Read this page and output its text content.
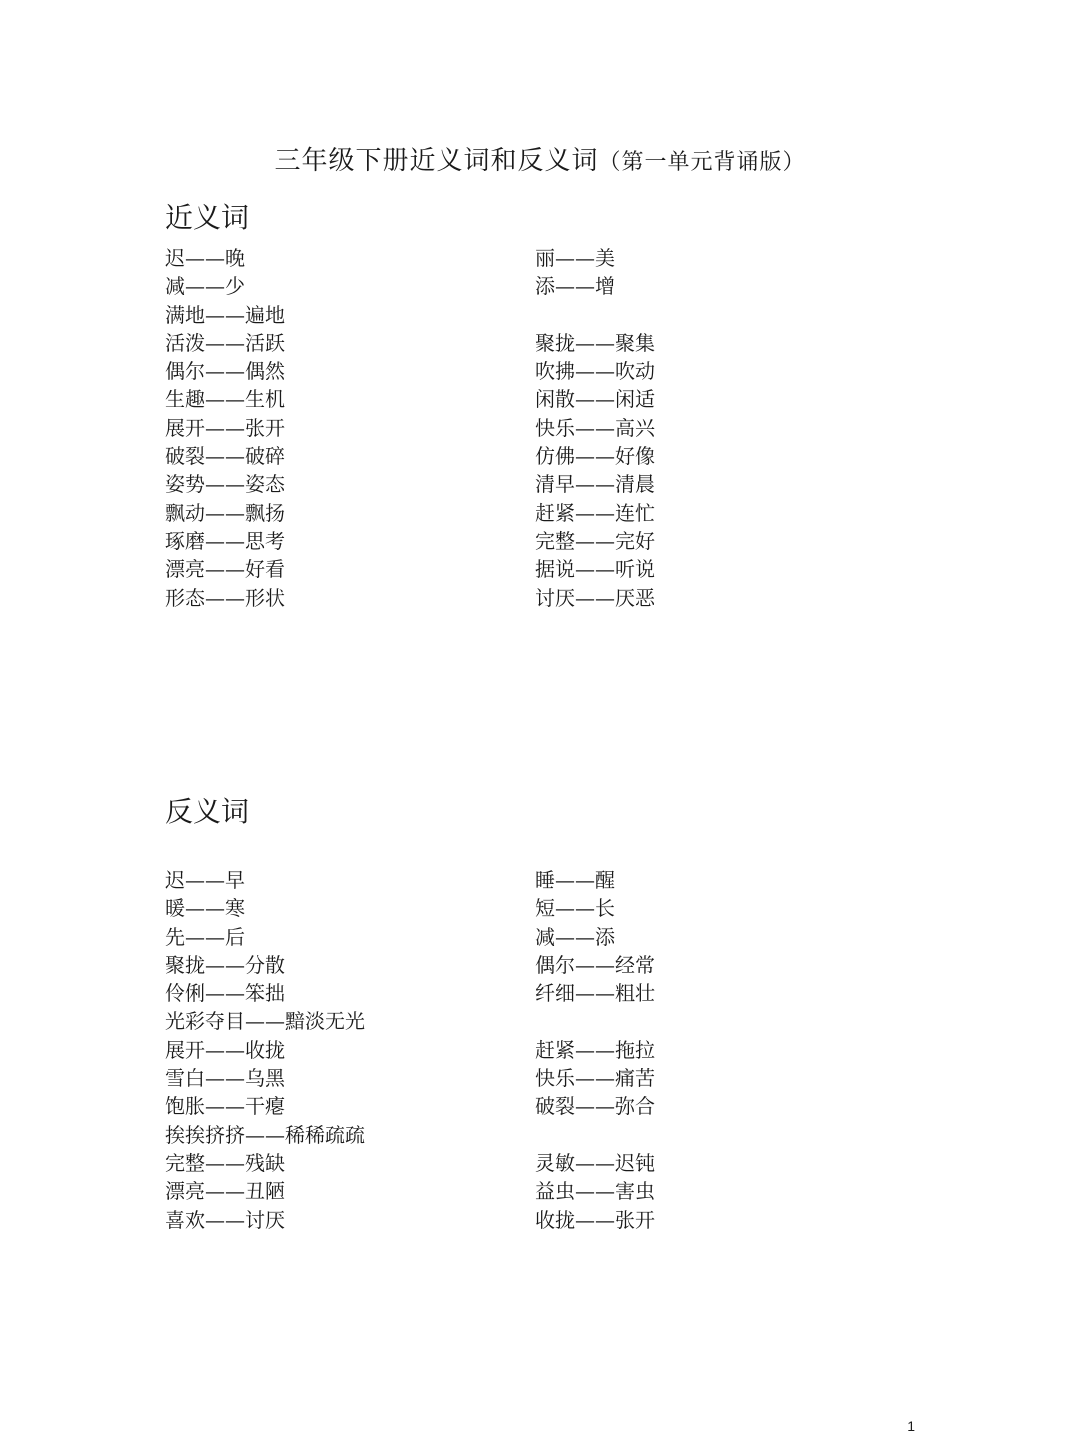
三年级下册近义词和反义词（第一单元背诵版）
近义词
迟——晚	丽——美
减——少	添——增
满地——遍地
活泼——活跃	聚拢——聚集
偶尔——偶然	吹拂——吹动
生趣——生机	闲散——闲适
展开——张开	快乐——高兴
破裂——破碎	仿佛——好像
姿势——姿态	清早——清晨
飘动——飘扬	赶紧——连忙
琢磨——思考	完整——完好
漂亮——好看	据说——听说
形态——形状	讨厌——厌恶
反义词
迟——早	睡——醒
暖——寒	短——长
先——后	减——添
聚拢——分散	偶尔——经常
伶俐——笨拙	纤细——粗壮
光彩夺目——黯淡无光
展开——收拢	赶紧——拖拉
雪白——乌黑	快乐——痛苦
饱胀——干瘪	破裂——弥合
挨挨挤挤——稀稀疏疏
完整——残缺	灵敏——迟钝
漂亮——丑陋	益虫——害虫
喜欢——讨厌	收拢——张开
1
